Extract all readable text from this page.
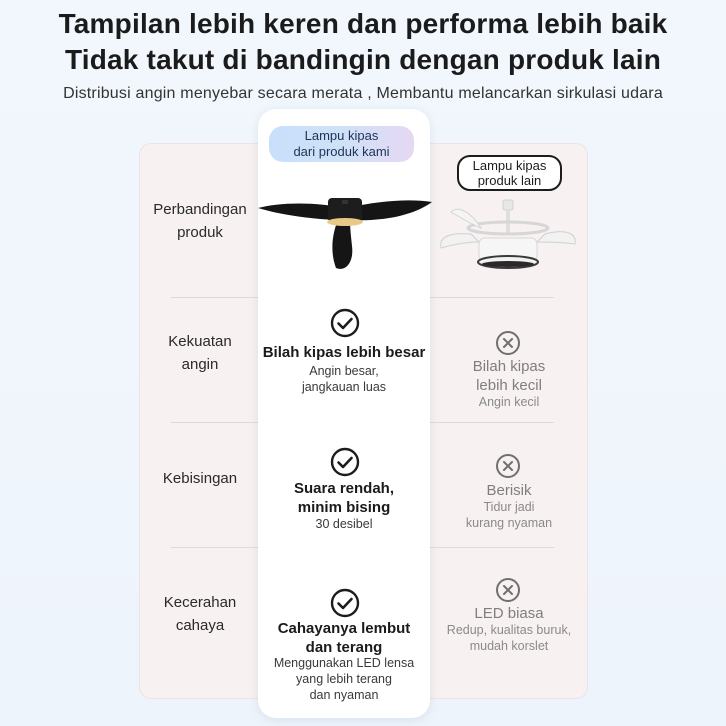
Tampilan lebih keren dan performa lebih baik
Tidak takut di bandingin dengan produk lain
Distribusi angin menyebar secara merata , Membantu melancarkan sirkulasi udara
Lampu kipas
dari produk kami
Lampu kipas
produk lain
Perbandingan
produk
Kekuatan
angin
Kebisingan
Kecerahan
cahaya
Bilah kipas lebih besar
Angin besar,
jangkauan luas
Suara rendah,
minim bising
30 desibel
Cahayanya lembut
dan terang
Menggunakan LED lensa
yang lebih terang
dan nyaman
Bilah kipas
lebih kecil
Angin kecil
Berisik
Tidur jadi
kurang nyaman
LED biasa
Redup, kualitas buruk,
mudah korslet
